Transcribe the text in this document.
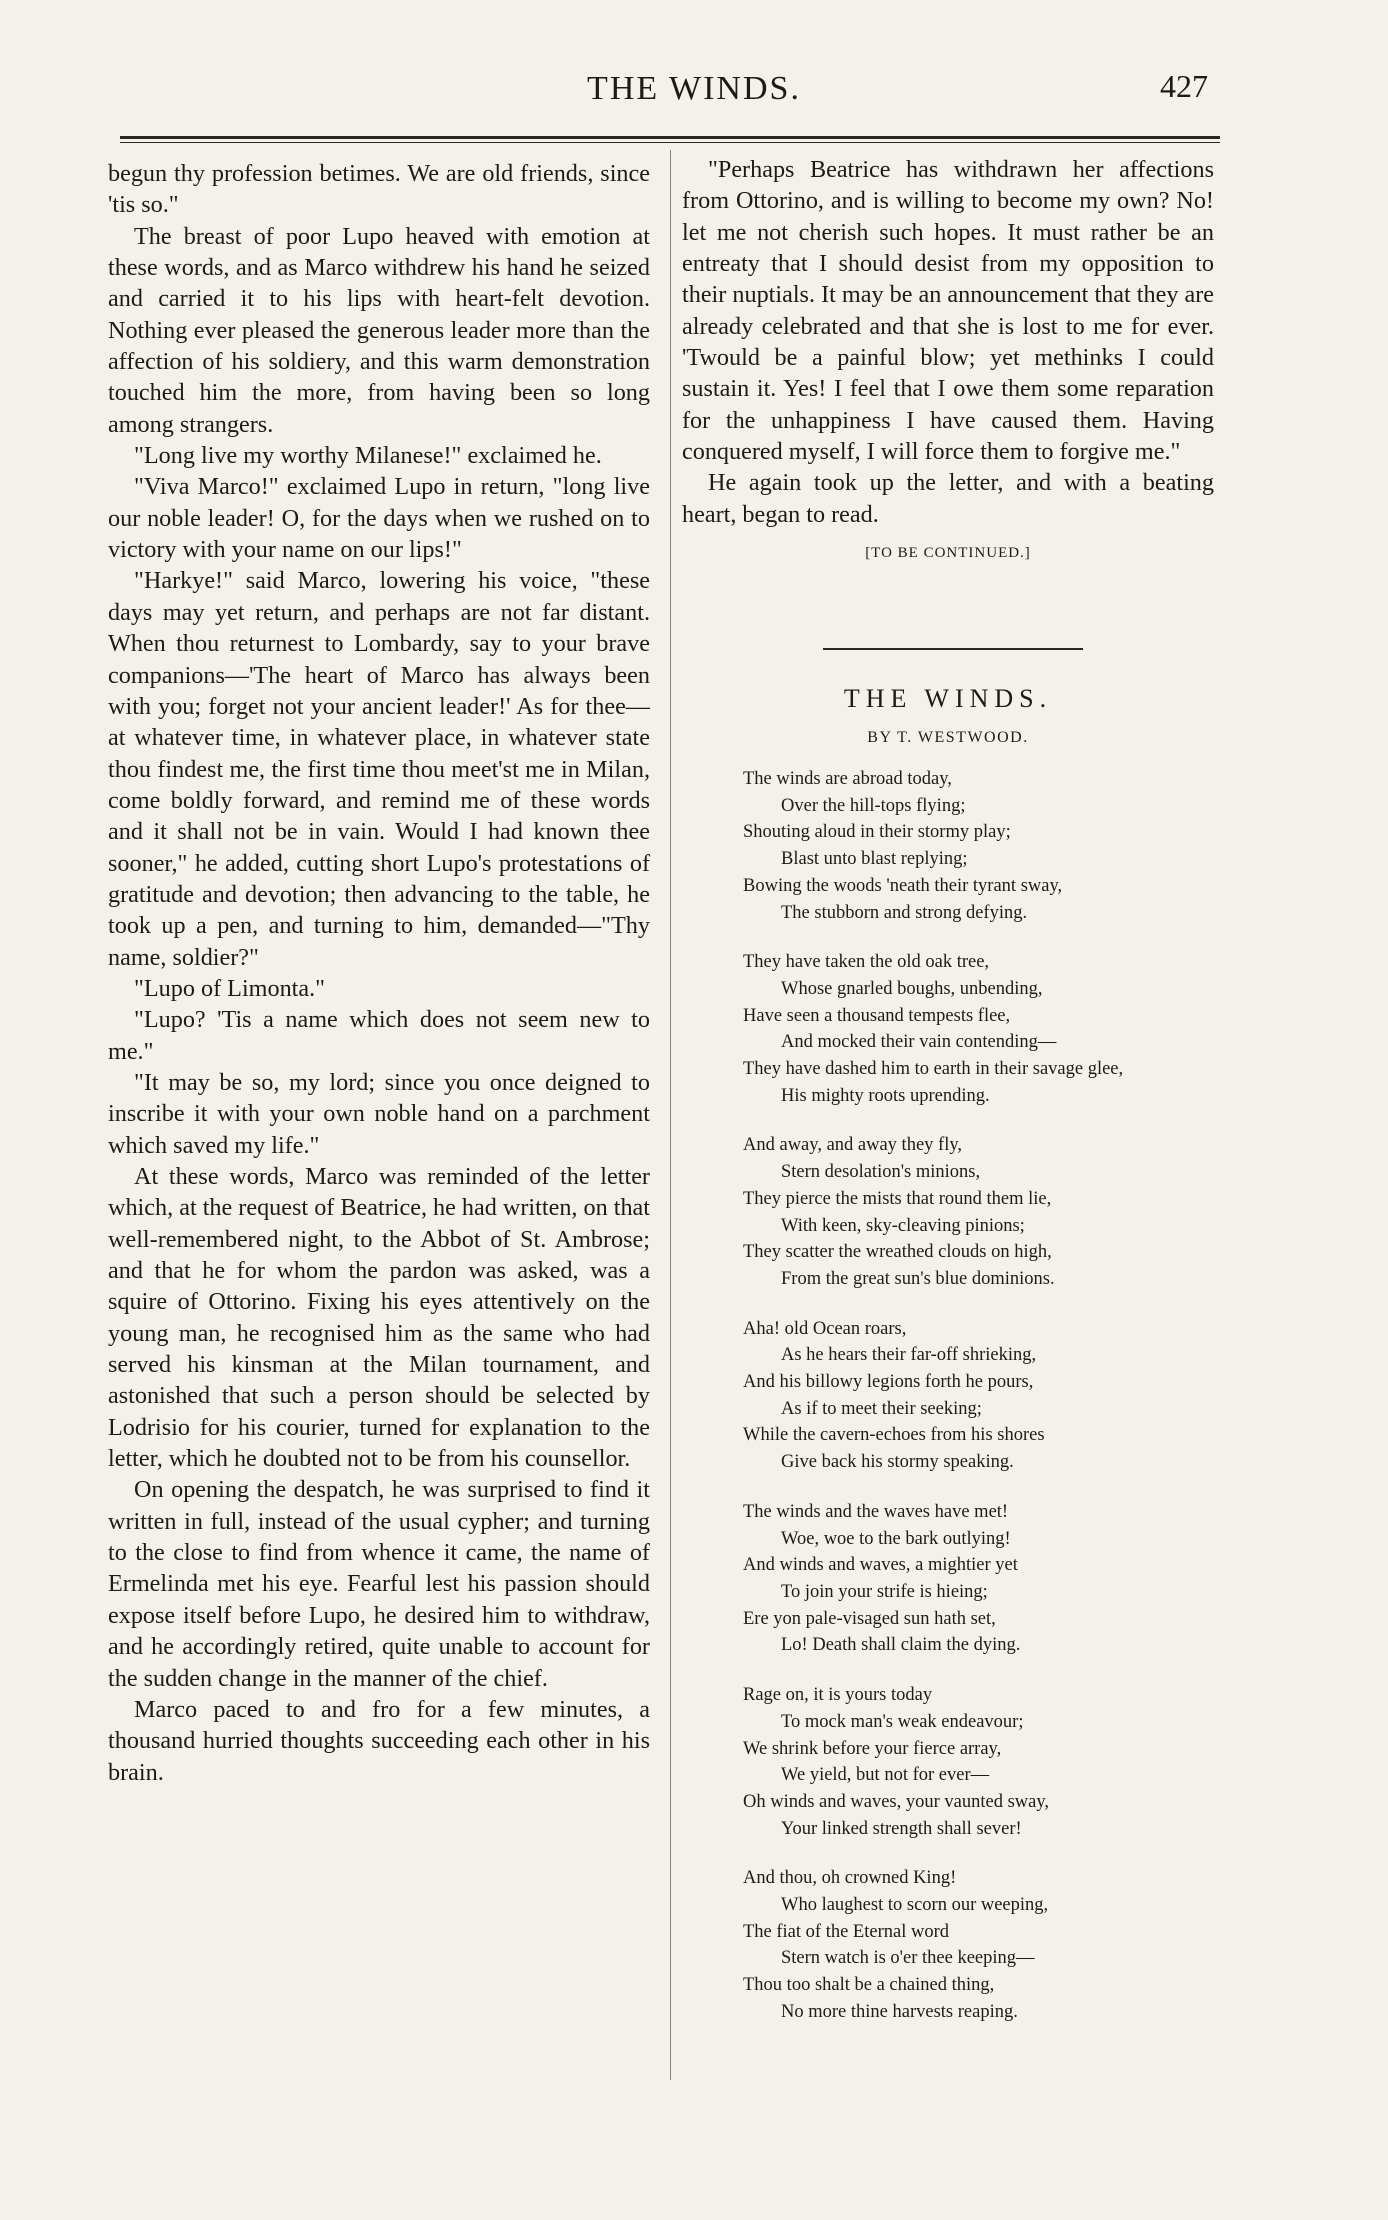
THE WINDS.	427

begun thy profession betimes. We are old friends, since 'tis so."

The breast of poor Lupo heaved with emotion at these words, and as Marco withdrew his hand he seized and carried it to his lips with heart-felt devotion. Nothing ever pleased the generous leader more than the affection of his soldiery, and this warm demonstration touched him the more, from having been so long among strangers.

"Long live my worthy Milanese!" exclaimed he.

"Viva Marco!" exclaimed Lupo in return, "long live our noble leader! O, for the days when we rushed on to victory with your name on our lips!"

"Harkye!" said Marco, lowering his voice, "these days may yet return, and perhaps are not far distant. When thou returnest to Lombardy, say to your brave companions—'The heart of Marco has always been with you; forget not your ancient leader!' As for thee—at whatever time, in whatever place, in whatever state thou findest me, the first time thou meet'st me in Milan, come boldly forward, and remind me of these words and it shall not be in vain. Would I had known thee sooner," he added, cutting short Lupo's protestations of gratitude and devotion; then advancing to the table, he took up a pen, and turning to him, demanded—"Thy name, soldier?"

"Lupo of Limonta."

"Lupo? 'Tis a name which does not seem new to me."

"It may be so, my lord; since you once deigned to inscribe it with your own noble hand on a parchment which saved my life."

At these words, Marco was reminded of the letter which, at the request of Beatrice, he had written, on that well-remembered night, to the Abbot of St. Ambrose; and that he for whom the pardon was asked, was a squire of Ottorino. Fixing his eyes attentively on the young man, he recognised him as the same who had served his kinsman at the Milan tournament, and astonished that such a person should be selected by Lodrisio for his courier, turned for explanation to the letter, which he doubted not to be from his counsellor.

On opening the despatch, he was surprised to find it written in full, instead of the usual cypher; and turning to the close to find from whence it came, the name of Ermelinda met his eye. Fearful lest his passion should expose itself before Lupo, he desired him to withdraw, and he accordingly retired, quite unable to account for the sudden change in the manner of the chief.

Marco paced to and fro for a few minutes, a thousand hurried thoughts succeeding each other in his brain.

"Perhaps Beatrice has withdrawn her affections from Ottorino, and is willing to become my own? No! let me not cherish such hopes. It must rather be an entreaty that I should desist from my opposition to their nuptials. It may be an announcement that they are already celebrated and that she is lost to me for ever. 'Twould be a painful blow; yet methinks I could sustain it. Yes! I feel that I owe them some reparation for the unhappiness I have caused them. Having conquered myself, I will force them to forgive me."

He again took up the letter, and with a beating heart, began to read.

[TO BE CONTINUED.]
THE WINDS.
BY T. WESTWOOD.
The winds are abroad today,
Over the hill-tops flying;
Shouting aloud in their stormy play;
Blast unto blast replying;
Bowing the woods 'neath their tyrant sway,
The stubborn and strong defying.
They have taken the old oak tree,
Whose gnarled boughs, unbending,
Have seen a thousand tempests flee,
And mocked their vain contending—
They have dashed him to earth in their savage glee,
His mighty roots uprending.
And away, and away they fly,
Stern desolation's minions,
They pierce the mists that round them lie,
With keen, sky-cleaving pinions;
They scatter the wreathed clouds on high,
From the great sun's blue dominions.
Aha! old Ocean roars,
As he hears their far-off shrieking,
And his billowy legions forth he pours,
As if to meet their seeking;
While the cavern-echoes from his shores
Give back his stormy speaking.
The winds and the waves have met!
Woe, woe to the bark outlying!
And winds and waves, a mightier yet
To join your strife is hieing;
Ere yon pale-visaged sun hath set,
Lo! Death shall claim the dying.
Rage on, it is yours today
To mock man's weak endeavour;
We shrink before your fierce array,
We yield, but not for ever—
Oh winds and waves, your vaunted sway,
Your linked strength shall sever!
And thou, oh crowned King!
Who laughest to scorn our weeping,
The fiat of the Eternal word
Stern watch is o'er thee keeping—
Thou too shalt be a chained thing,
No more thine harvests reaping.
